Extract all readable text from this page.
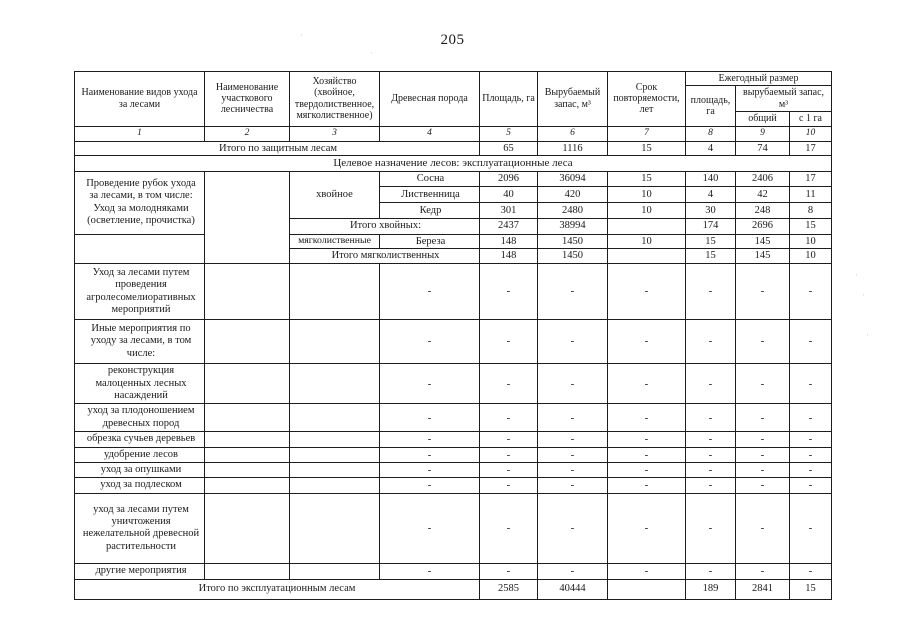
205
·
·
·
·
·
Наименование видов ухода за лесами	Наименование участкового лесничества	Хозяйство (хвойное, твердолиственное, мягколиственное)	Древесная порода	Площадь, га	Вырубаемый запас, м³	Срок повторяемости, лет	Ежегодный размер		
							площадь, га	вырубаемый запас, м³	
								общий	с 1 га
1	2	3	4	5	6	7	8	9	10
Итого по защитным лесам				65	1116	15	4	74	17
Целевое назначение лесов: эксплуатационные леса									

Проведение рубок ухода
за лесами, в том числе:
Уход за молодняками
(осветление, прочистка)		хвойное	Сосна	2096	36094	15	140	2406	17
			Лиственница	40	420	10	4	42	11
			Кедр	301	2480	10	30	248	8
		Итого хвойных:		2437	38994		174	2696	15
		мягколиственные	Береза	148	1450	10	15	145	10
		Итого мягколиственных		148	1450		15	145	10
Уход за лесами путем проведения агролесомелиоративных мероприятий			-	-	-	-	-	-	-
Иные мероприятия по уходу за лесами, в том числе:			-	-	-	-	-	-	-
реконструкция малоценных лесных насаждений			-	-	-	-	-	-	-
уход за плодоношением древесных пород			-	-	-	-	-	-	-
обрезка сучьев деревьев			-	-	-	-	-	-	-
удобрение лесов			-	-	-	-	-	-	-
уход за опушками			-	-	-	-	-	-	-
уход за подлеском			-	-	-	-	-	-	-
уход за лесами путем уничтожения нежелательной древесной растительности			-	-	-	-	-	-	-
другие мероприятия			-	-	-	-	-	-	-
Итого по эксплуатационным лесам				2585	40444		189	2841	15
